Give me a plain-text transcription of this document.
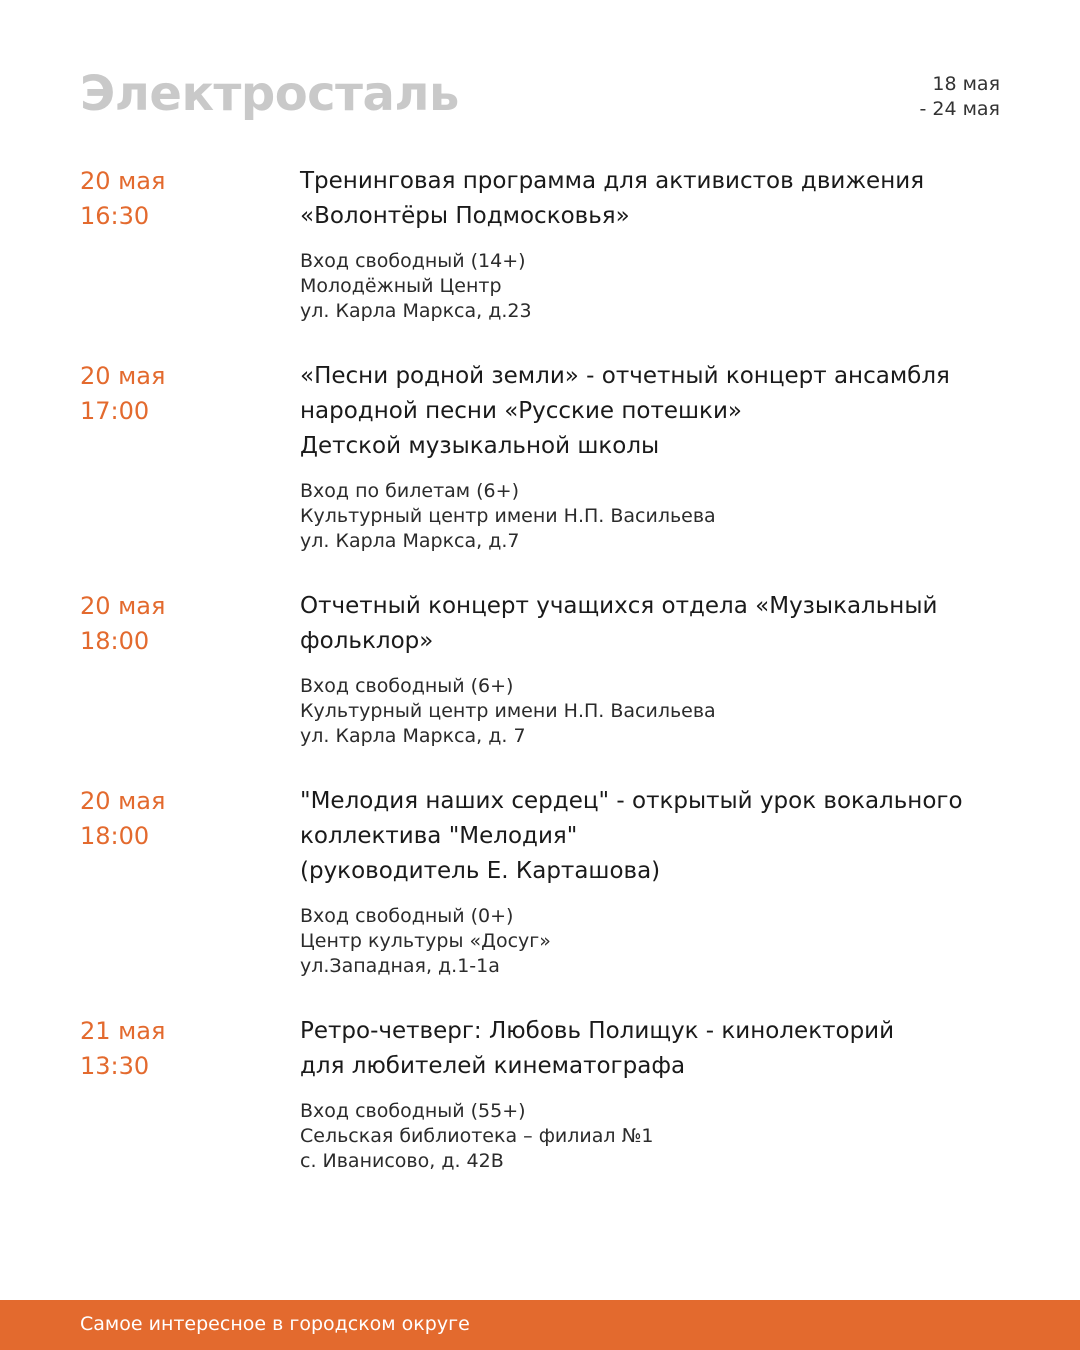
Электросталь	18 мая
- 24 мая
20 мая
16:30
Тренинговая программа для активистов движения
«Волонтёры Подмосковья»
Вход свободный (14+)
Молодёжный Центр
ул. Карла Маркса, д.23
20 мая
17:00
«Песни родной земли» - отчетный концерт ансамбля
народной песни «Русские потешки»
Детской музыкальной школы
Вход по билетам (6+)
Культурный центр имени Н.П. Васильева
ул. Карла Маркса, д.7
20 мая
18:00
Отчетный концерт учащихся отдела «Музыкальный
фольклор»
Вход свободный (6+)
Культурный центр имени Н.П. Васильева
ул. Карла Маркса, д. 7
20 мая
18:00
"Мелодия наших сердец" - открытый урок вокального
коллектива "Мелодия"
(руководитель Е. Карташова)
Вход свободный (0+)
Центр культуры «Досуг»
ул.Западная, д.1-1а
21 мая
13:30
Ретро-четверг: Любовь Полищук - кинолекторий
для любителей кинематографа
Вход свободный (55+)
Сельская библиотека – филиал №1
с. Иванисово, д. 42В
Самое интересное в городском округе
